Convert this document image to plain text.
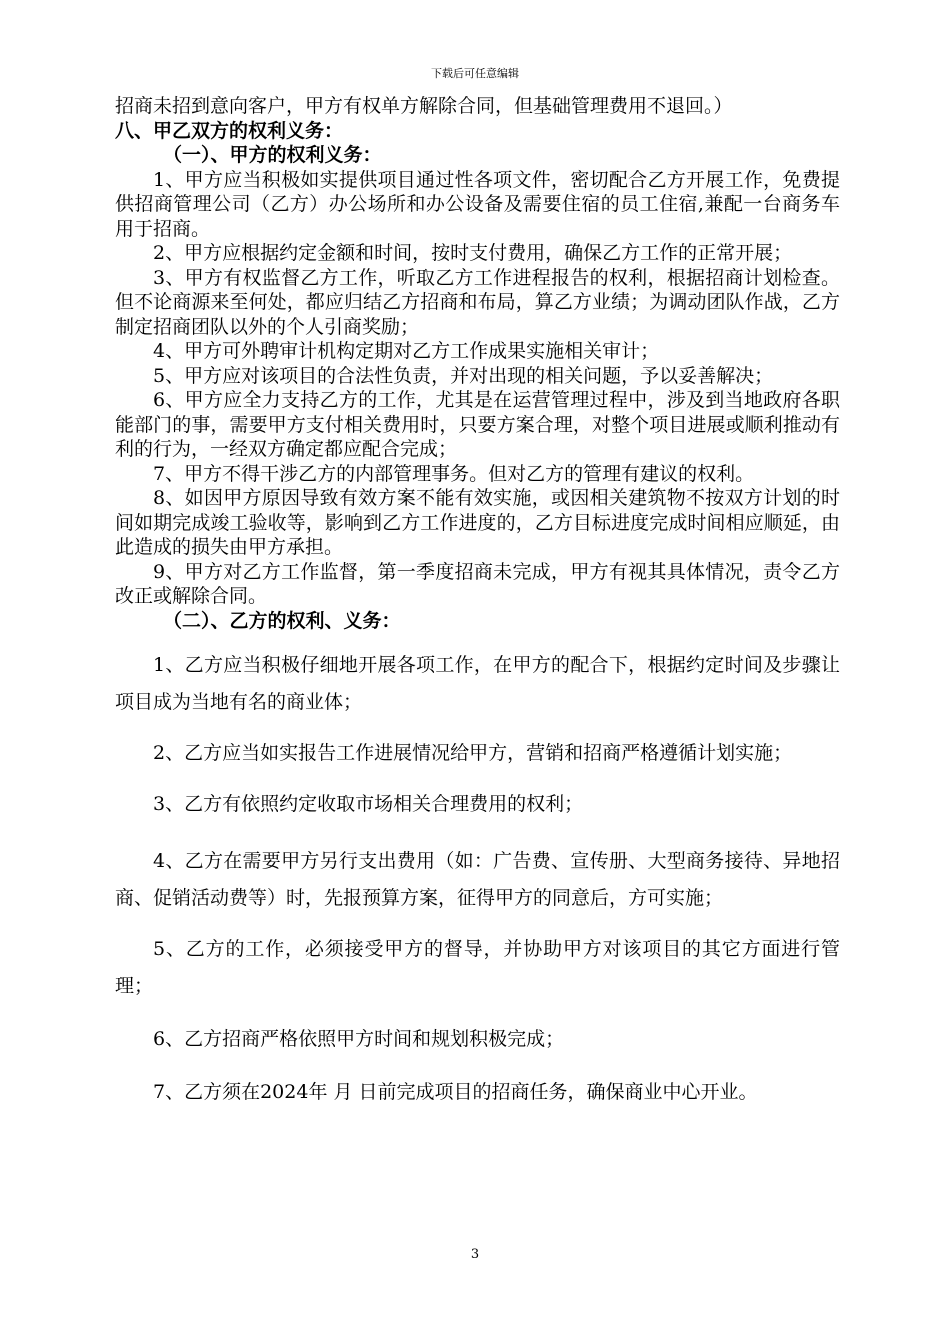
下载后可任意编辑

招商未招到意向客户，甲方有权单方解除合同，但基础管理费用不退回。）

八、甲乙双方的权利义务：

（一）、甲方的权利义务：

1、甲方应当积极如实提供项目通过性各项文件，密切配合乙方开展工作，免费提供招商管理公司（乙方）办公场所和办公设备及需要住宿的员工住宿,兼配一台商务车用于招商。

2、甲方应根据约定金额和时间，按时支付费用，确保乙方工作的正常开展；

3、甲方有权监督乙方工作，听取乙方工作进程报告的权利，根据招商计划检查。但不论商源来至何处，都应归结乙方招商和布局，算乙方业绩；为调动团队作战，乙方制定招商团队以外的个人引商奖励；

4、甲方可外聘审计机构定期对乙方工作成果实施相关审计；

5、甲方应对该项目的合法性负责，并对出现的相关问题，予以妥善解决；

6、甲方应全力支持乙方的工作，尤其是在运营管理过程中，涉及到当地政府各职能部门的事，需要甲方支付相关费用时，只要方案合理，对整个项目进展或顺利推动有利的行为，一经双方确定都应配合完成；

7、甲方不得干涉乙方的内部管理事务。但对乙方的管理有建议的权利。

8、如因甲方原因导致有效方案不能有效实施，或因相关建筑物不按双方计划的时间如期完成竣工验收等，影响到乙方工作进度的，乙方目标进度完成时间相应顺延，由此造成的损失由甲方承担。

9、甲方对乙方工作监督，第一季度招商未完成，甲方有视其具体情况，责令乙方改正或解除合同。

（二）、乙方的权利、义务：

1、乙方应当积极仔细地开展各项工作，在甲方的配合下，根据约定时间及步骤让项目成为当地有名的商业体；

2、乙方应当如实报告工作进展情况给甲方，营销和招商严格遵循计划实施；

3、乙方有依照约定收取市场相关合理费用的权利；

4、乙方在需要甲方另行支出费用（如：广告费、宣传册、大型商务接待、异地招商、促销活动费等）时，先报预算方案，征得甲方的同意后，方可实施；

5、乙方的工作，必须接受甲方的督导，并协助甲方对该项目的其它方面进行管理；

6、乙方招商严格依照甲方时间和规划积极完成；

7、乙方须在2024年 月 日前完成项目的招商任务，确保商业中心开业。

3
